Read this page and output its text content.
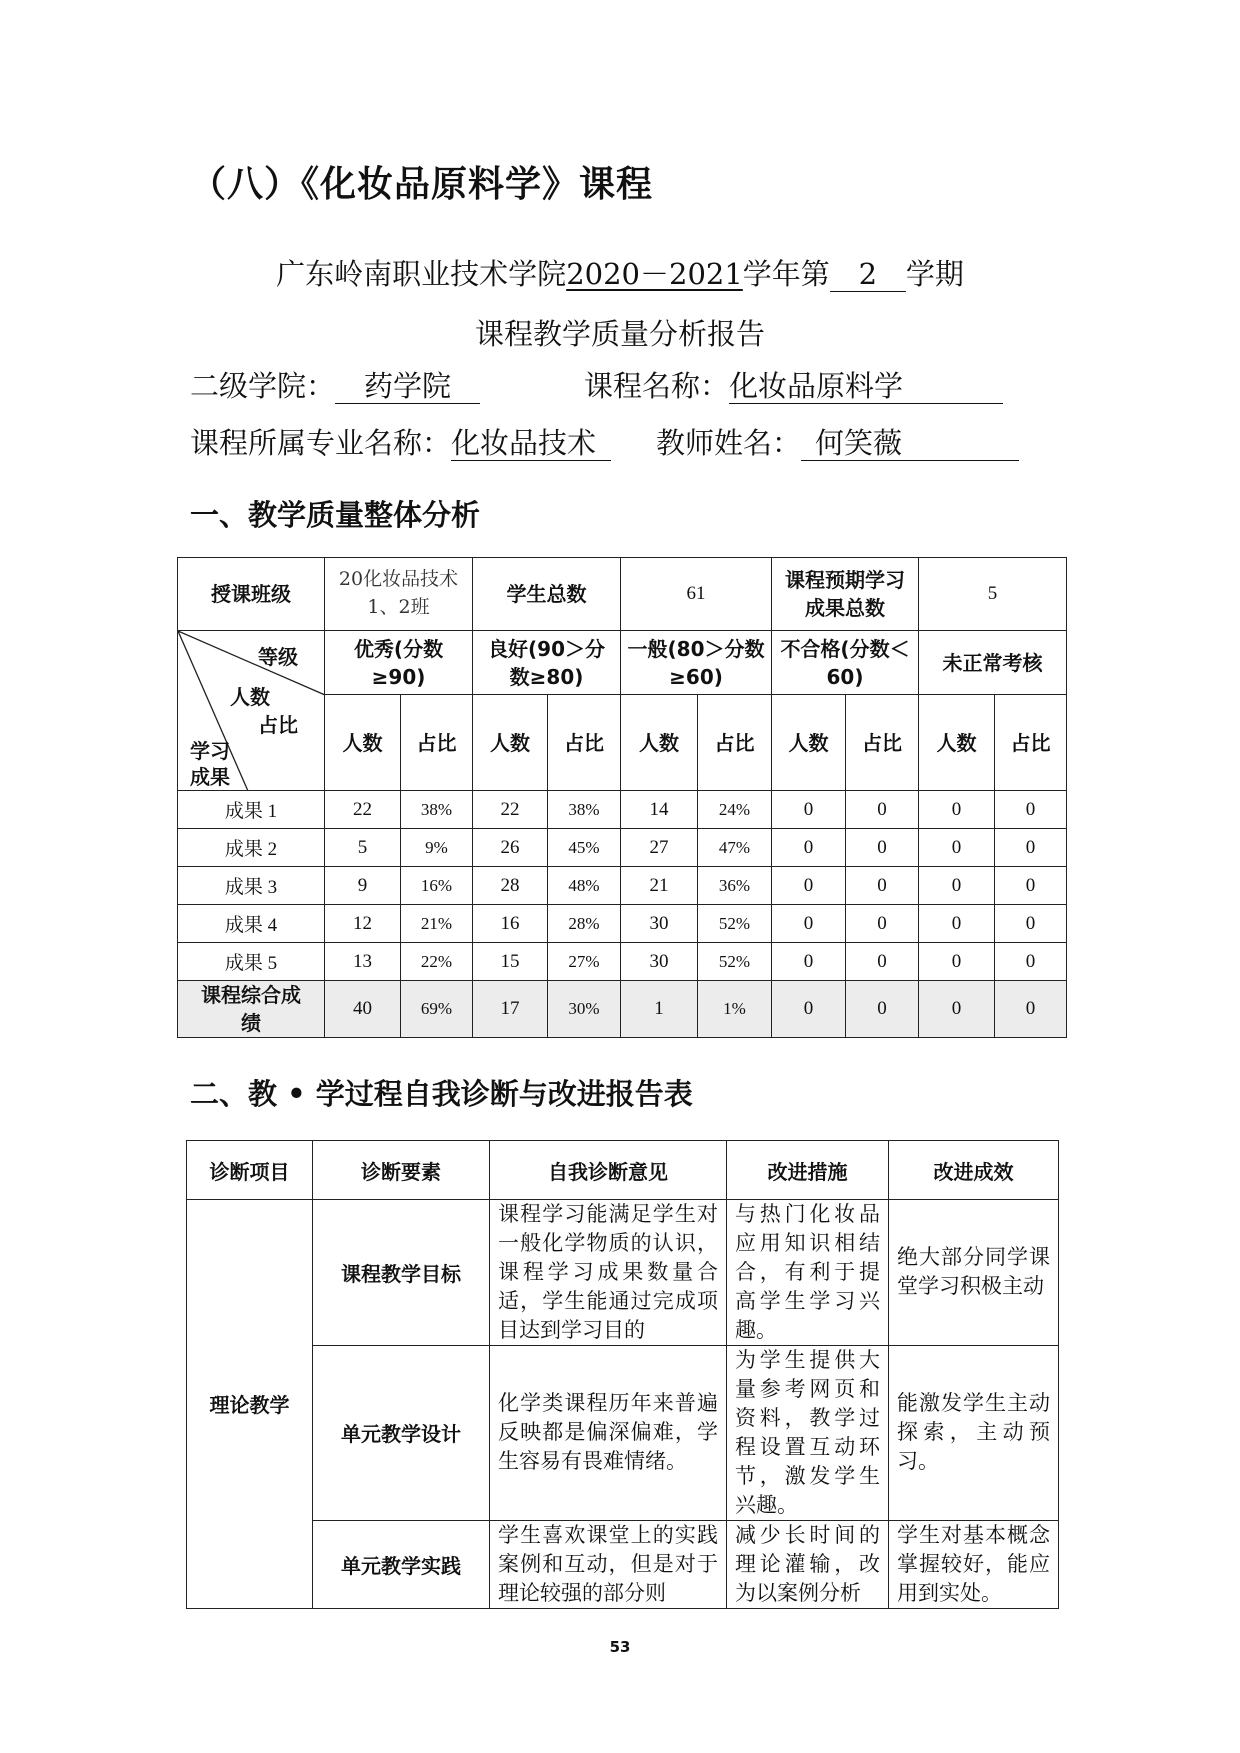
（八）《化妆品原料学》课程
广东岭南职业技术学院2020－2021学年第 2 学期
课程教学质量分析报告
二级学院： 药学院	课程名称：化妆品原料学
课程所属专业名称：化妆品技术	教师姓名： 何笑薇
一、教学质量整体分析
授课班级	20化妆品技术1、2班		学生总数		61		课程预期学习成果总数		5	

等级
人数
占比
学习
成果	优秀(分数≥90)		良好(90＞分数≥80)		一般(80＞分数≥60)		不合格(分数＜60)		未正常考核	
	人数	占比	人数	占比	人数	占比	人数	占比	人数	占比
成果 1	22	38%	22	38%	14	24%	0	0	0	0
成果 2	5	9%	26	45%	27	47%	0	0	0	0
成果 3	9	16%	28	48%	21	36%	0	0	0	0
成果 4	12	21%	16	28%	30	52%	0	0	0	0
成果 5	13	22%	15	27%	30	52%	0	0	0	0
课程综合成绩	40	69%	17	30%	1	1%	0	0	0	0
二、教 • 学过程自我诊断与改进报告表
诊断项目	诊断要素	自我诊断意见	改进措施	改进成效
理论教学	课程教学目标	课程学习能满足学生对一般化学物质的认识，课程学习成果数量合适，学生能通过完成项目达到学习目的	与热门化妆品应用知识相结合，有利于提高学生学习兴趣。	绝大部分同学课堂学习积极主动
	单元教学设计	化学类课程历年来普遍反映都是偏深偏难，学生容易有畏难情绪。	为学生提供大量参考网页和资料，教学过程设置互动环节，激发学生兴趣。	能激发学生主动探索，主动预习。
	单元教学实践	学生喜欢课堂上的实践案例和互动，但是对于理论较强的部分则	减少长时间的理论灌输，改为以案例分析	学生对基本概念掌握较好，能应用到实处。
53
